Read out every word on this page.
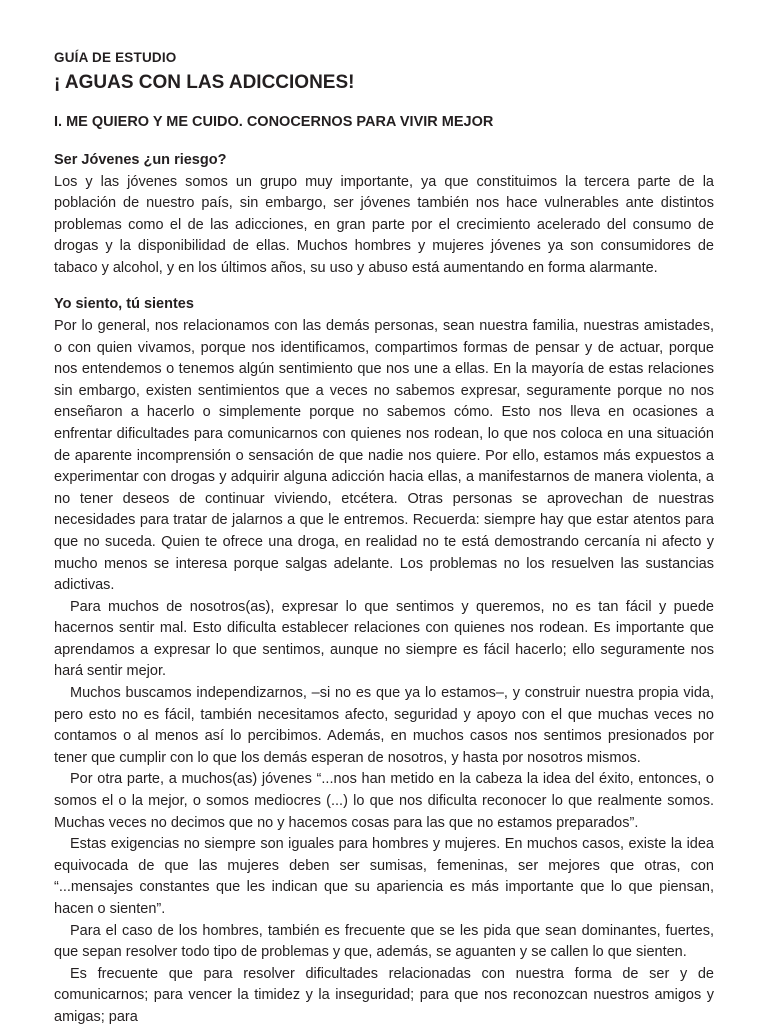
GUÍA DE ESTUDIO
¡ AGUAS CON LAS ADICCIONES!
I. ME QUIERO Y ME CUIDO. CONOCERNOS PARA VIVIR MEJOR
Ser Jóvenes ¿un riesgo?

Los y las jóvenes somos un grupo muy importante, ya que constituimos la tercera parte de la población de nuestro país, sin embargo, ser jóvenes también nos hace vulnerables ante distintos problemas como el de las adicciones, en gran parte por el crecimiento acelerado del consumo de drogas y la disponibilidad de ellas. Muchos hombres y mujeres jóvenes ya son consumidores de tabaco y alcohol, y en los últimos años, su uso y abuso está aumentando en forma alarmante.

Yo siento, tú sientes

Por lo general, nos relacionamos con las demás personas, sean nuestra familia, nuestras amistades, o con quien vivamos, porque nos identificamos, compartimos formas de pensar y de actuar, porque nos entendemos o tenemos algún sentimiento que nos une a ellas. En la mayoría de estas relaciones sin embargo, existen sentimientos que a veces no sabemos expresar, seguramente porque no nos enseñaron a hacerlo o simplemente porque no sabemos cómo. Esto nos lleva en ocasiones a enfrentar dificultades para comunicarnos con quienes nos rodean, lo que nos coloca en una situación de aparente incomprensión o sensación de que nadie nos quiere. Por ello, estamos más expuestos a experimentar con drogas y adquirir alguna adicción hacia ellas, a manifestarnos de manera violenta, a no tener deseos de continuar viviendo, etcétera. Otras personas se aprovechan de nuestras necesidades para tratar de jalarnos a que le entremos. Recuerda: siempre hay que estar atentos para que no suceda. Quien te ofrece una droga, en realidad no te está demostrando cercanía ni afecto y mucho menos se interesa porque salgas adelante. Los problemas no los resuelven las sustancias adictivas.

Para muchos de nosotros(as), expresar lo que sentimos y queremos, no es tan fácil y puede hacernos sentir mal. Esto dificulta establecer relaciones con quienes nos rodean. Es importante que aprendamos a expresar lo que sentimos, aunque no siempre es fácil hacerlo; ello seguramente nos hará sentir mejor.

Muchos buscamos independizarnos, –si no es que ya lo estamos–, y construir nuestra propia vida, pero esto no es fácil, también necesitamos afecto, seguridad y apoyo con el que muchas veces no contamos o al menos así lo percibimos. Además, en muchos casos nos sentimos presionados por tener que cumplir con lo que los demás esperan de nosotros, y hasta por nosotros mismos.

Por otra parte, a muchos(as) jóvenes “...nos han metido en la cabeza la idea del éxito, entonces, o somos el o la mejor, o somos mediocres (...) lo que nos dificulta reconocer lo que realmente somos. Muchas veces no decimos que no y hacemos cosas para las que no estamos preparados”.

Estas exigencias no siempre son iguales para hombres y mujeres. En muchos casos, existe la idea equivocada de que las mujeres deben ser sumisas, femeninas, ser mejores que otras, con “...mensajes constantes que les indican que su apariencia es más importante que lo que piensan, hacen o sienten”.

Para el caso de los hombres, también es frecuente que se les pida que sean dominantes, fuertes, que sepan resolver todo tipo de problemas y que, además, se aguanten y se callen lo que sienten.

Es frecuente que para resolver dificultades relacionadas con nuestra forma de ser y de comunicarnos; para vencer la timidez y la inseguridad; para que nos reconozcan nuestros amigos y amigas; para
